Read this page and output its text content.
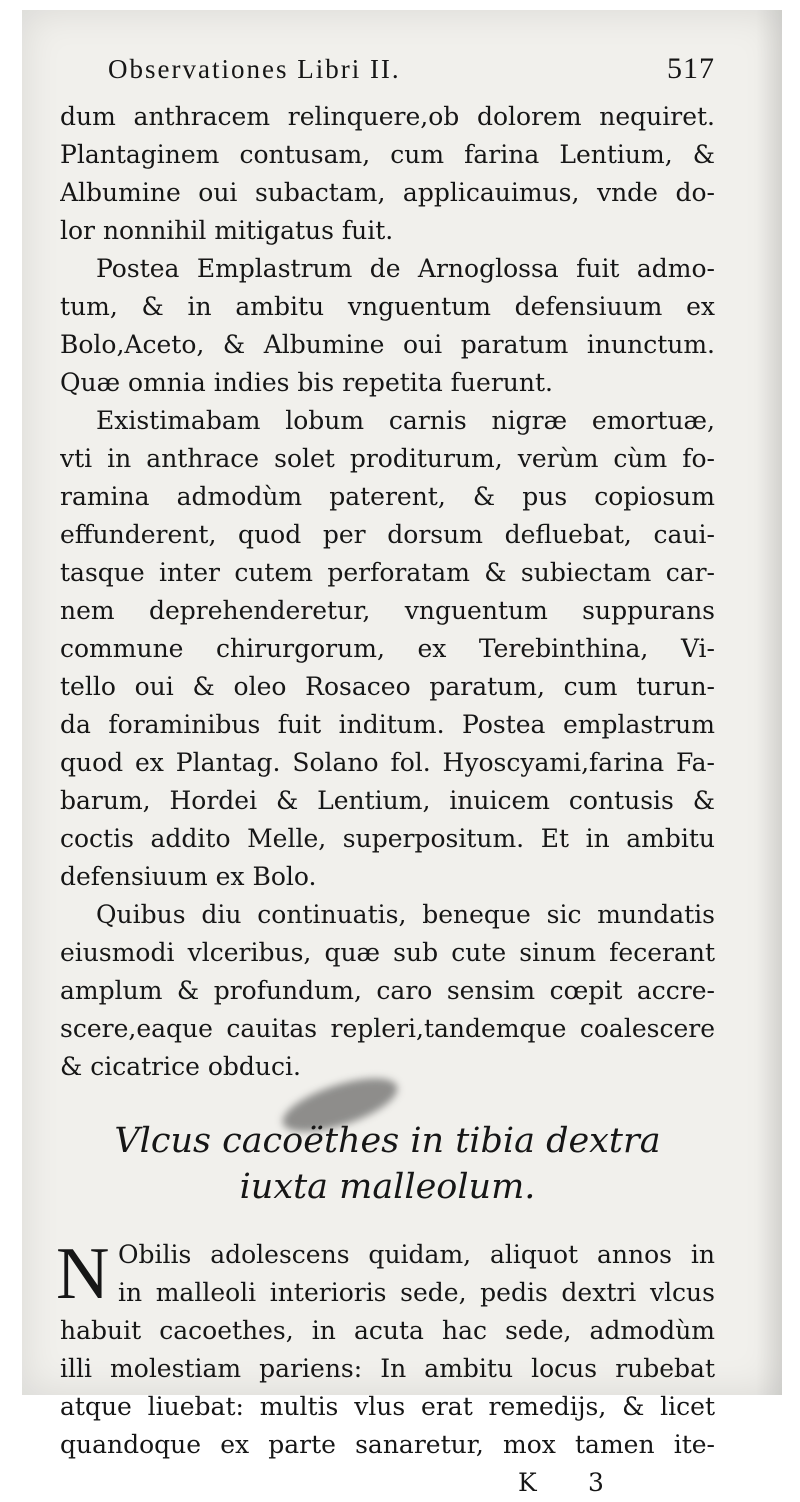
Observationes Libri II.	517
dum anthracem relinquere,ob dolorem nequiret.
Plantaginem contusam, cum farina Lentium, &
Albumine oui subactam, applicauimus, vnde do-
lor nonnihil mitigatus fuit.
Postea Emplastrum de Arnoglossa fuit admo-
tum, & in ambitu vnguentum defensiuum ex
Bolo,Aceto, & Albumine oui paratum inunctum.
Quæ omnia indies bis repetita fuerunt.
Existimabam lobum carnis nigræ emortuæ,
vti in anthrace solet proditurum, verùm cùm fo-
ramina admodùm paterent, & pus copiosum
effunderent, quod per dorsum defluebat, caui-
tasque inter cutem perforatam & subiectam car-
nem deprehenderetur, vnguentum suppurans
commune chirurgorum, ex Terebinthina, Vi-
tello oui & oleo Rosaceo paratum, cum turun-
da foraminibus fuit inditum. Postea emplastrum
quod ex Plantag. Solano fol. Hyoscyami,farina Fa-
barum, Hordei & Lentium, inuicem contusis &
coctis addito Melle, superpositum. Et in ambitu
defensiuum ex Bolo.
Quibus diu continuatis, beneque sic mundatis
eiusmodi vlceribus, quæ sub cute sinum fecerant
amplum & profundum, caro sensim cœpit accre-
scere,eaque cauitas repleri,tandemque coalescere
& cicatrice obduci.
Vlcus cacoëthes in tibia dextra
iuxta malleolum.
N Obilis adolescens quidam, aliquot annos in
in malleoli interioris sede, pedis dextri vlcus
habuit cacoethes, in acuta hac sede, admodùm
illi molestiam pariens: In ambitu locus rubebat
atque liuebat: multis vlus erat remedijs, & licet
quandoque ex parte sanaretur, mox tamen ite-
K 3
